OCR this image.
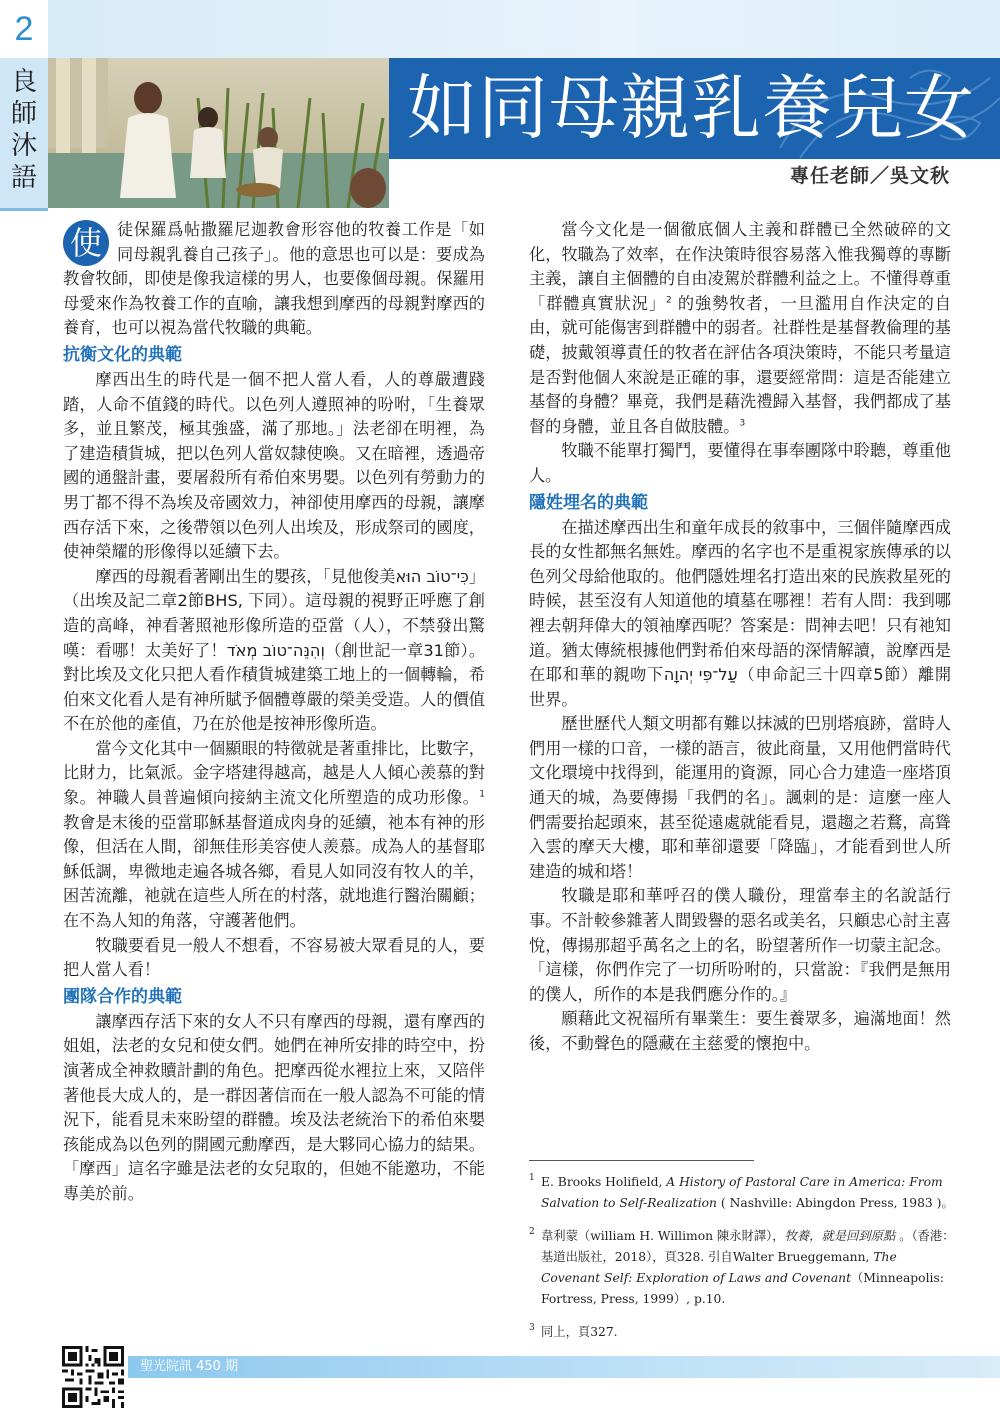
2
良
師
沐
語
如同母親乳養兒女
專任老師／吳文秋

使 徒保羅爲帖撒羅尼迦教會形容他的牧養工作是「如同母親乳養自己孩子」。他的意思也可以是：要成為教會牧師，即使是像我這樣的男人，也要像個母親。保羅用母愛來作為牧養工作的直喻，讓我想到摩西的母親對摩西的養育，也可以視為當代牧職的典範。

抗衡文化的典範

摩西出生的時代是一個不把人當人看，人的尊嚴遭踐踏，人命不值錢的時代。以色列人遵照神的吩咐，「生養眾多，並且繁茂，極其強盛，滿了那地。」法老卻在明裡，為了建造積貨城，把以色列人當奴隸使喚。又在暗裡，透過帝國的通盤計畫，要屠殺所有希伯來男嬰。以色列有勞動力的男丁都不得不為埃及帝國效力，神卻使用摩西的母親，讓摩西存活下來，之後帶領以色列人出埃及，形成祭司的國度，使神榮耀的形像得以延續下去。

摩西的母親看著剛出生的嬰孩，「見他俊美כִּי־טוֹב הוּא」（出埃及記二章2節BHS, 下同）。這母親的視野正呼應了創造的高峰，神看著照祂形像所造的亞當（人），不禁發出驚嘆：看哪！太美好了！וְהִנֵּה־טוֹב מְאֹד（創世記一章31節）。對比埃及文化只把人看作積貨城建築工地上的一個轉輪，希伯來文化看人是有神所賦予個體尊嚴的榮美受造。人的價值不在於他的產值，乃在於他是按神形像所造。

當今文化其中一個顯眼的特徵就是著重排比，比數字，比財力，比氣派。金字塔建得越高，越是人人傾心羨慕的對象。神職人員普遍傾向接納主流文化所塑造的成功形像。$^1$ 教會是末後的亞當耶穌基督道成肉身的延續，祂本有神的形像，但活在人間，卻無佳形美容使人羨慕。成為人的基督耶穌低調，卑微地走遍各城各鄉，看見人如同沒有牧人的羊，困苦流離，祂就在這些人所在的村落，就地進行醫治關顧；在不為人知的角落，守護著他們。

牧職要看見一般人不想看，不容易被大眾看見的人，要把人當人看！

團隊合作的典範

讓摩西存活下來的女人不只有摩西的母親，還有摩西的姐姐，法老的女兒和使女們。她們在神所安排的時空中，扮演著成全神救贖計劃的角色。把摩西從水裡拉上來，又陪伴著他長大成人的，是一群因著信而在一般人認為不可能的情況下，能看見未來盼望的群體。埃及法老統治下的希伯來嬰孩能成為以色列的開國元勳摩西，是大夥同心協力的結果。「摩西」這名字雖是法老的女兒取的，但她不能邀功，不能專美於前。

當今文化是一個徹底個人主義和群體已全然破碎的文化，牧職為了效率，在作決策時很容易落入惟我獨尊的專斷主義，讓自主個體的自由凌駕於群體利益之上。不懂得尊重「群體真實狀況」$^2$ 的強勢牧者，一旦濫用自作決定的自由，就可能傷害到群體中的弱者。社群性是基督教倫理的基礎，披戴領導責任的牧者在評估各項決策時，不能只考量這是否對他個人來說是正確的事，還要經常問：這是否能建立基督的身體？畢竟，我們是藉洗禮歸入基督，我們都成了基督的身體，並且各自做肢體。$^3$

牧職不能單打獨鬥，要懂得在事奉團隊中聆聽，尊重他人。

隱姓埋名的典範

在描述摩西出生和童年成長的敘事中，三個伴隨摩西成長的女性都無名無姓。摩西的名字也不是重視家族傳承的以色列父母給他取的。他們隱姓埋名打造出來的民族救星死的時候，甚至沒有人知道他的墳墓在哪裡！若有人問：我到哪裡去朝拜偉大的領袖摩西呢？答案是：問神去吧！只有祂知道。猶太傳統根據他們對希伯來母語的深情解讀，說摩西是在耶和華的親吻下עַל־פִּי יְהוָה（申命記三十四章5節）離開世界。

歷世歷代人類文明都有難以抹滅的巴別塔痕跡，當時人們用一樣的口音，一樣的語言，彼此商量，又用他們當時代文化環境中找得到，能運用的資源，同心合力建造一座塔頂通天的城，為要傳揚「我們的名」。諷刺的是：這麼一座人們需要抬起頭來，甚至從遠處就能看見，還趨之若鶩，高聳入雲的摩天大樓，耶和華卻還要「降臨」，才能看到世人所建造的城和塔！

牧職是耶和華呼召的僕人職份，理當奉主的名說話行事。不計較參雜著人間毀譽的惡名或美名，只顧忠心討主喜悅，傳揚那超乎萬名之上的名，盼望著所作一切蒙主記念。「這樣，你們作完了一切所吩咐的，只當說：『我們是無用的僕人，所作的本是我們應分作的。』

願藉此文祝福所有畢業生：要生養眾多，遍滿地面！然後，不動聲色的隱藏在主慈愛的懷抱中。

1 E. Brooks Holifield, A History of Pastoral Care in America: From Salvation to Self-Realization ( Nashville: Abingdon Press, 1983 )。
2 韋利蒙（william H. Willimon 陳永財譯），牧養，就是回到原點 。（香港：基道出版社，2018），頁328. 引自Walter Brueggemann, The Covenant Self: Exploration of Laws and Covenant（Minneapolis: Fortress, Press, 1999）, p.10.
3 同上，頁327.
聖光院訊 450 期
